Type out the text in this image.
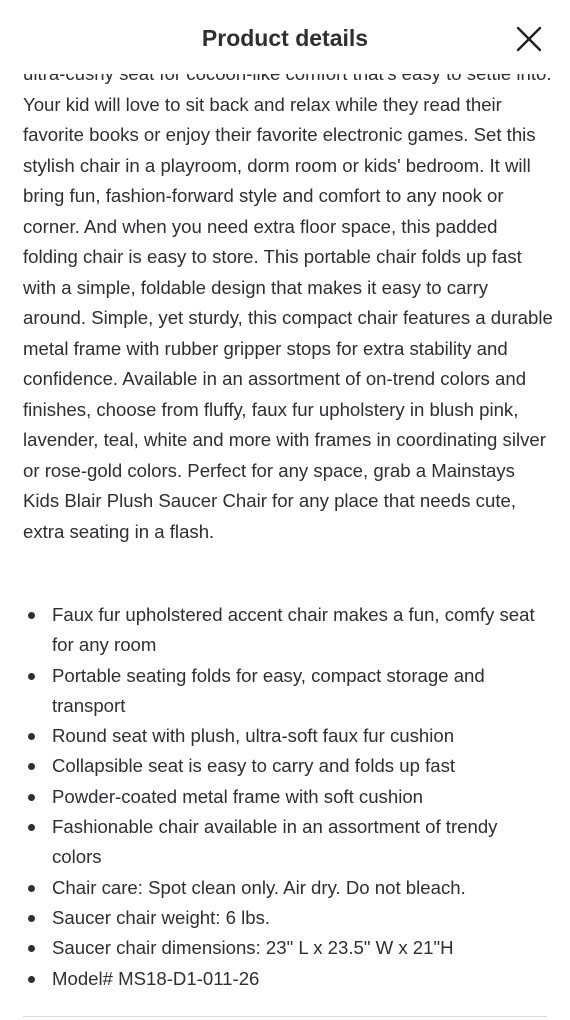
Your kid will love to sit back and relax while they read their favorite books or enjoy their favorite electronic games. Set this stylish chair in a playroom, dorm room or kids' bedroom. It will bring fun, fashion-forward style and comfort to any nook or corner. And when you need extra floor space, this padded folding chair is easy to store. This portable chair folds up fast with a simple, foldable design that makes it easy to carry around. Simple, yet sturdy, this compact chair features a durable metal frame with rubber gripper stops for extra stability and confidence. Available in an assortment of on-trend colors and finishes, choose from fluffy, faux fur upholstery in blush pink, lavender, teal, white and more with frames in coordinating silver or rose-gold colors. Perfect for any space, grab a Mainstays Kids Blair Plush Saucer Chair for any place that needs cute, extra seating in a flash.

Faux fur upholstered accent chair makes a fun, comfy seat for any room
Portable seating folds for easy, compact storage and transport
Round seat with plush, ultra-soft faux fur cushion
Collapsible seat is easy to carry and folds up fast
Powder-coated metal frame with soft cushion
Fashionable chair available in an assortment of trendy colors
Chair care: Spot clean only. Air dry. Do not bleach.
Saucer chair weight: 6 lbs.
Saucer chair dimensions: 23" L x 23.5" W x 21"H
Model# MS18-D1-011-26
Product details
